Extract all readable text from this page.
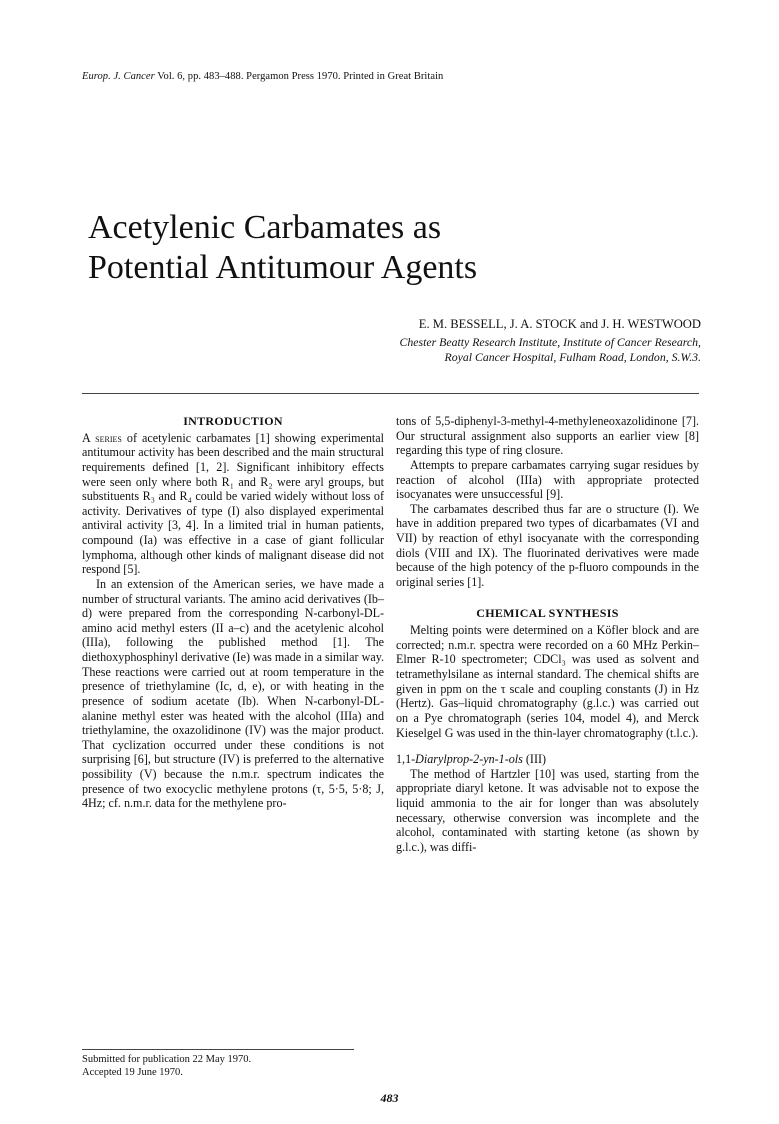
Europ. J. Cancer Vol. 6, pp. 483–488. Pergamon Press 1970. Printed in Great Britain
Acetylenic Carbamates as
Potential Antitumour Agents
E. M. BESSELL, J. A. STOCK and J. H. WESTWOOD
Chester Beatty Research Institute, Institute of Cancer Research,
Royal Cancer Hospital, Fulham Road, London, S.W.3.
INTRODUCTION

A series of acetylenic carbamates [1] showing experimental antitumour activity has been described and the main structural requirements defined [1, 2]. Significant inhibitory effects were seen only where both R₁ and R₂ were aryl groups, but substituents R₃ and R₄ could be varied widely without loss of activity. Derivatives of type (I) also displayed experimental antiviral activity [3, 4]. In a limited trial in human patients, compound (Ia) was effective in a case of giant follicular lymphoma, although other kinds of malignant disease did not respond [5].

In an extension of the American series, we have made a number of structural variants. The amino acid derivatives (Ib–d) were prepared from the corresponding N-carbonyl-DL-amino acid methyl esters (II a–c) and the acetylenic alcohol (IIIa), following the published method [1]. The diethoxyphosphinyl derivative (Ie) was made in a similar way. These reactions were carried out at room temperature in the presence of triethylamine (Ic, d, e), or with heating in the presence of sodium acetate (Ib). When N-carbonyl-DL-alanine methyl ester was heated with the alcohol (IIIa) and triethylamine, the oxazolidinone (IV) was the major product. That cyclization occurred under these conditions is not surprising [6], but structure (IV) is preferred to the alternative possibility (V) because the n.m.r. spectrum indicates the presence of two exocyclic methylene protons (τ, 5·5, 5·8; J, 4Hz; cf. n.m.r. data for the methylene pro-

tons of 5,5-diphenyl-3-methyl-4-methyleneoxazolidinone [7]. Our structural assignment also supports an earlier view [8] regarding this type of ring closure.

Attempts to prepare carbamates carrying sugar residues by reaction of alcohol (IIIa) with appropriate protected isocyanates were unsuccessful [9].

The carbamates described thus far are o structure (I). We have in addition prepared two types of dicarbamates (VI and VII) by reaction of ethyl isocyanate with the corresponding diols (VIII and IX). The fluorinated derivatives were made because of the high potency of the p-fluoro compounds in the original series [1].

CHEMICAL SYNTHESIS

Melting points were determined on a Köfler block and are corrected; n.m.r. spectra were recorded on a 60 MHz Perkin–Elmer R-10 spectrometer; CDCl₃ was used as solvent and tetramethylsilane as internal standard. The chemical shifts are given in ppm on the τ scale and coupling constants (J) in Hz (Hertz). Gas–liquid chromatography (g.l.c.) was carried out on a Pye chromatograph (series 104, model 4), and Merck Kieselgel G was used in the thin-layer chromatography (t.l.c.).

1,1-Diarylprop-2-yn-1-ols (III)

The method of Hartzler [10] was used, starting from the appropriate diaryl ketone. It was advisable not to expose the liquid ammonia to the air for longer than was absolutely necessary, otherwise conversion was incomplete and the alcohol, contaminated with starting ketone (as shown by g.l.c.), was diffi-

Submitted for publication 22 May 1970.
Accepted 19 June 1970.
483
